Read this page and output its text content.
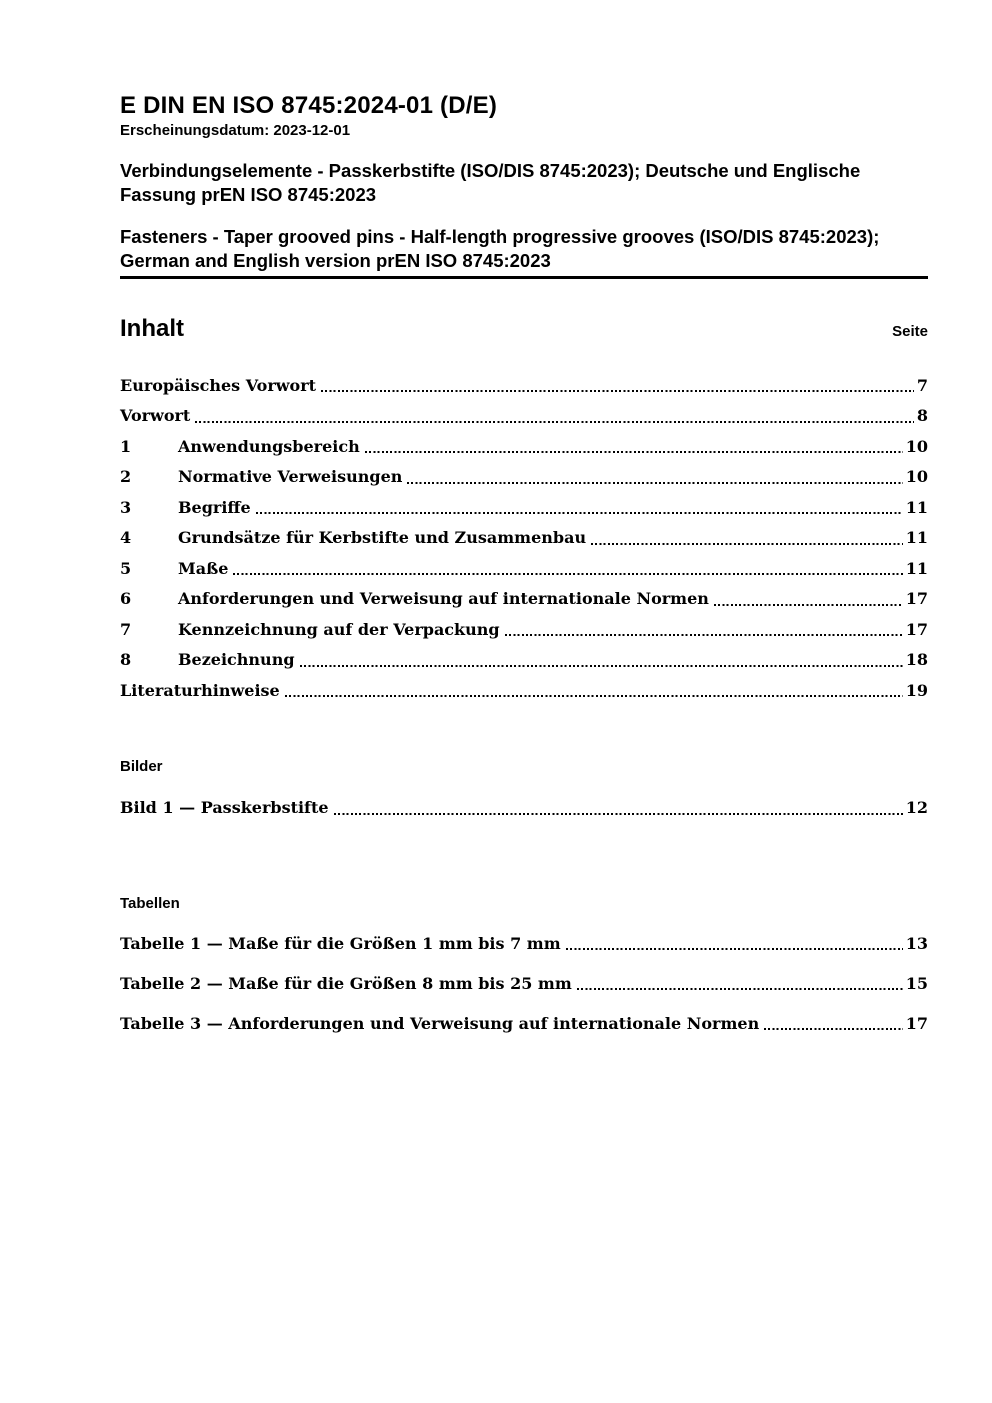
E DIN EN ISO 8745:2024-01 (D/E)
Erscheinungsdatum: 2023-12-01
Verbindungselemente - Passkerbstifte (ISO/DIS 8745:2023); Deutsche und Englische Fassung prEN ISO 8745:2023
Fasteners - Taper grooved pins - Half-length progressive grooves (ISO/DIS 8745:2023); German and English version prEN ISO 8745:2023
Inhalt	Seite
Europäisches Vorwort	7
Vorwort	8
1	Anwendungsbereich	10
2	Normative Verweisungen	10
3	Begriffe	11
4	Grundsätze für Kerbstifte und Zusammenbau	11
5	Maße	11
6	Anforderungen und Verweisung auf internationale Normen	17
7	Kennzeichnung auf der Verpackung	17
8	Bezeichnung	18
Literaturhinweise	19
Bilder
Bild 1 — Passkerbstifte	12
Tabellen
Tabelle 1 — Maße für die Größen 1 mm bis 7 mm	13
Tabelle 2 — Maße für die Größen 8 mm bis 25 mm	15
Tabelle 3 — Anforderungen und Verweisung auf internationale Normen	17
